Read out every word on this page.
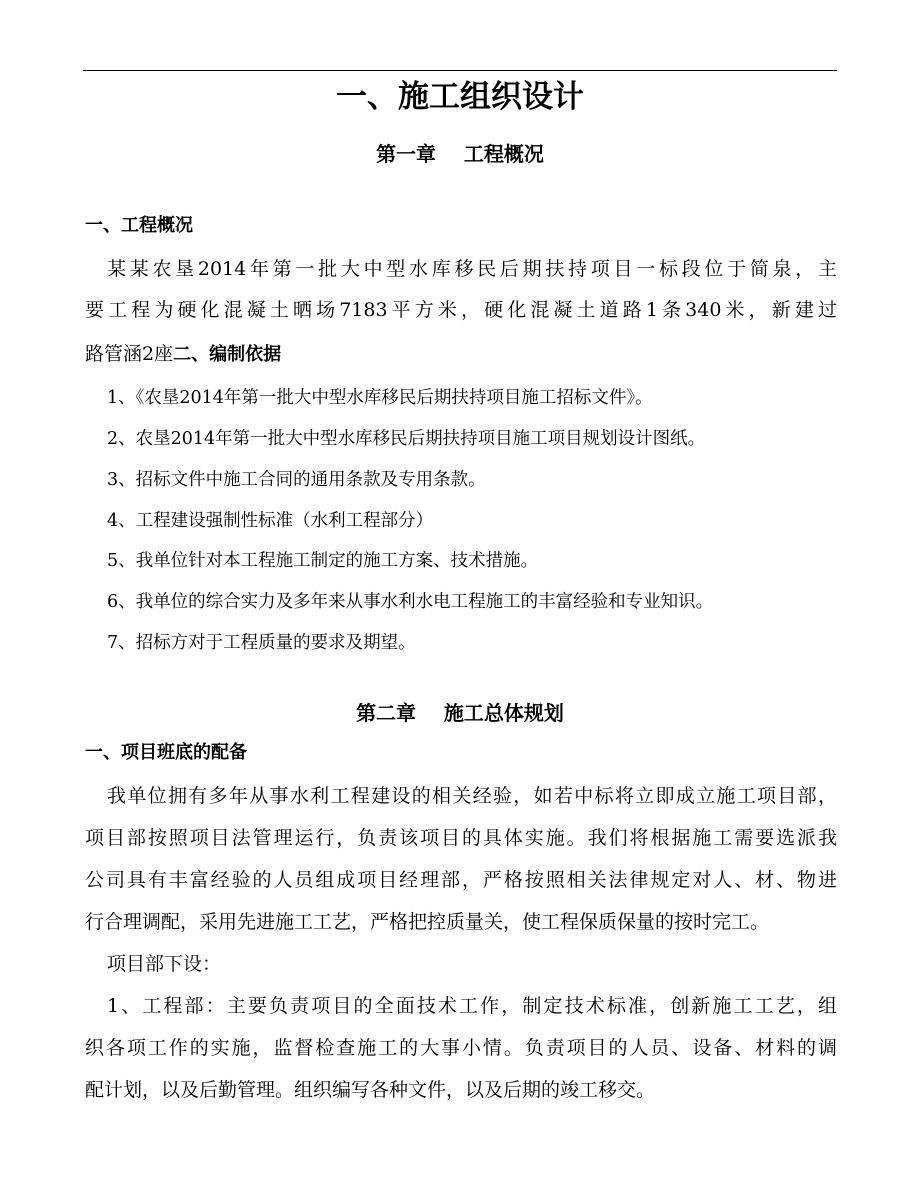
一、施工组织设计
第一章    工程概况
一、工程概况
某某农垦2014年第一批大中型水库移民后期扶持项目一标段位于简泉，主
要工程为硬化混凝土晒场7183平方米，硬化混凝土道路1条340米，新建过
路管涵2座二、编制依据
1、《农垦2014年第一批大中型水库移民后期扶持项目施工招标文件》。
2、农垦2014年第一批大中型水库移民后期扶持项目施工项目规划设计图纸。
3、招标文件中施工合同的通用条款及专用条款。
4、工程建设强制性标准（水利工程部分）
5、我单位针对本工程施工制定的施工方案、技术措施。
6、我单位的综合实力及多年来从事水利水电工程施工的丰富经验和专业知识。
7、招标方对于工程质量的要求及期望。
第二章    施工总体规划
一、项目班底的配备
我单位拥有多年从事水利工程建设的相关经验，如若中标将立即成立施工项目部，
项目部按照项目法管理运行，负责该项目的具体实施。我们将根据施工需要选派我
公司具有丰富经验的人员组成项目经理部，严格按照相关法律规定对人、材、物进
行合理调配，采用先进施工工艺，严格把控质量关，使工程保质保量的按时完工。
项目部下设：
1、工程部：主要负责项目的全面技术工作，制定技术标准，创新施工工艺，组
织各项工作的实施，监督检查施工的大事小情。负责项目的人员、设备、材料的调
配计划，以及后勤管理。组织编写各种文件，以及后期的竣工移交。
